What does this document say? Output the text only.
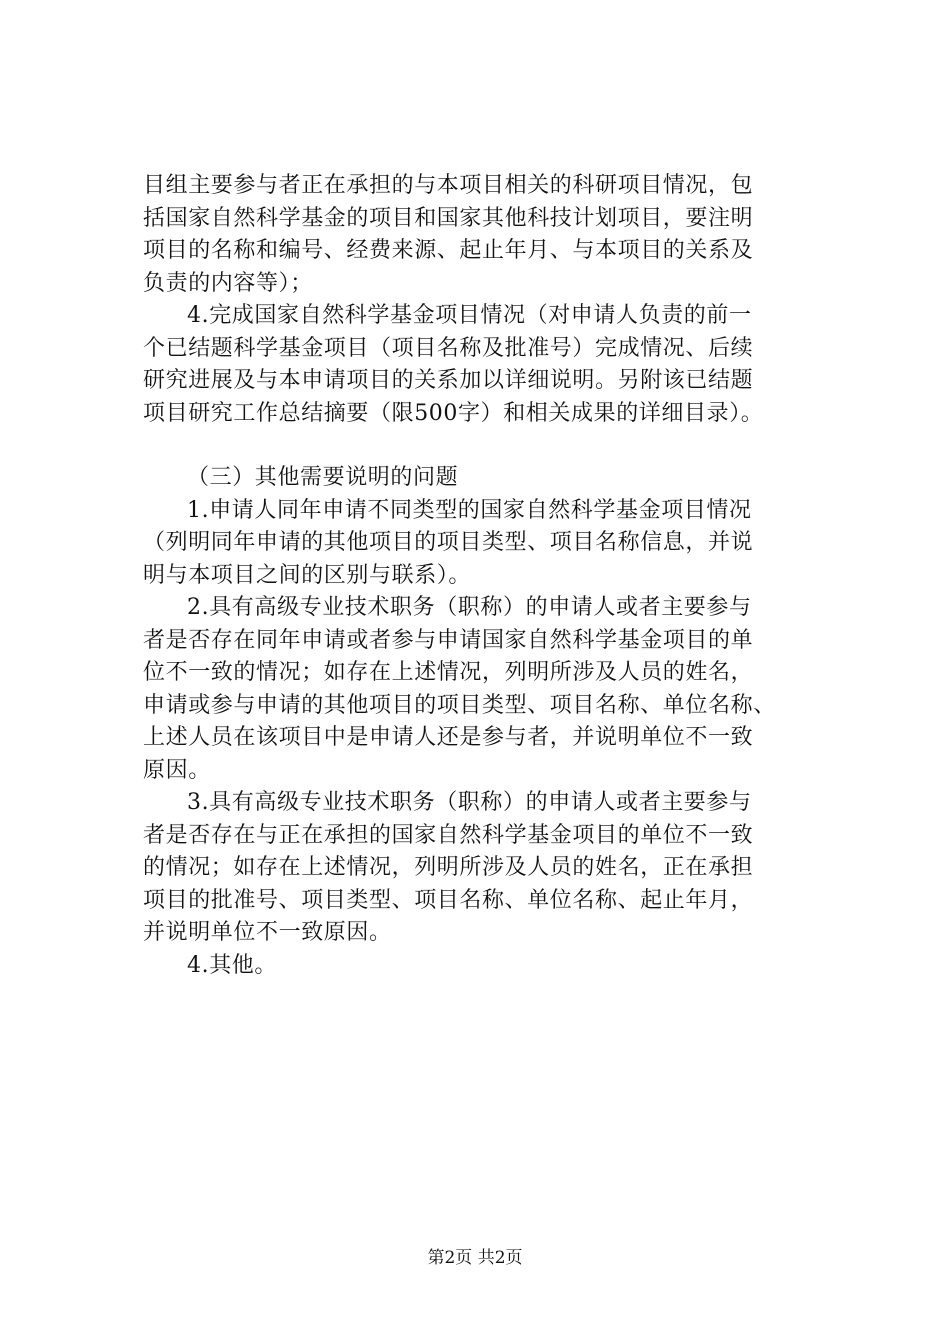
目组主要参与者正在承担的与本项目相关的科研项目情况，包
括国家自然科学基金的项目和国家其他科技计划项目，要注明
项目的名称和编号、经费来源、起止年月、与本项目的关系及
负责的内容等）；
4.完成国家自然科学基金项目情况（对申请人负责的前一
个已结题科学基金项目（项目名称及批准号）完成情况、后续
研究进展及与本申请项目的关系加以详细说明。另附该已结题
项目研究工作总结摘要（限500字）和相关成果的详细目录）。
（三）其他需要说明的问题
1.申请人同年申请不同类型的国家自然科学基金项目情况
（列明同年申请的其他项目的项目类型、项目名称信息，并说
明与本项目之间的区别与联系）。
2.具有高级专业技术职务（职称）的申请人或者主要参与
者是否存在同年申请或者参与申请国家自然科学基金项目的单
位不一致的情况；如存在上述情况，列明所涉及人员的姓名，
申请或参与申请的其他项目的项目类型、项目名称、单位名称、
上述人员在该项目中是申请人还是参与者，并说明单位不一致
原因。
3.具有高级专业技术职务（职称）的申请人或者主要参与
者是否存在与正在承担的国家自然科学基金项目的单位不一致
的情况；如存在上述情况，列明所涉及人员的姓名，正在承担
项目的批准号、项目类型、项目名称、单位名称、起止年月，
并说明单位不一致原因。
4.其他。
第2页 共2页
